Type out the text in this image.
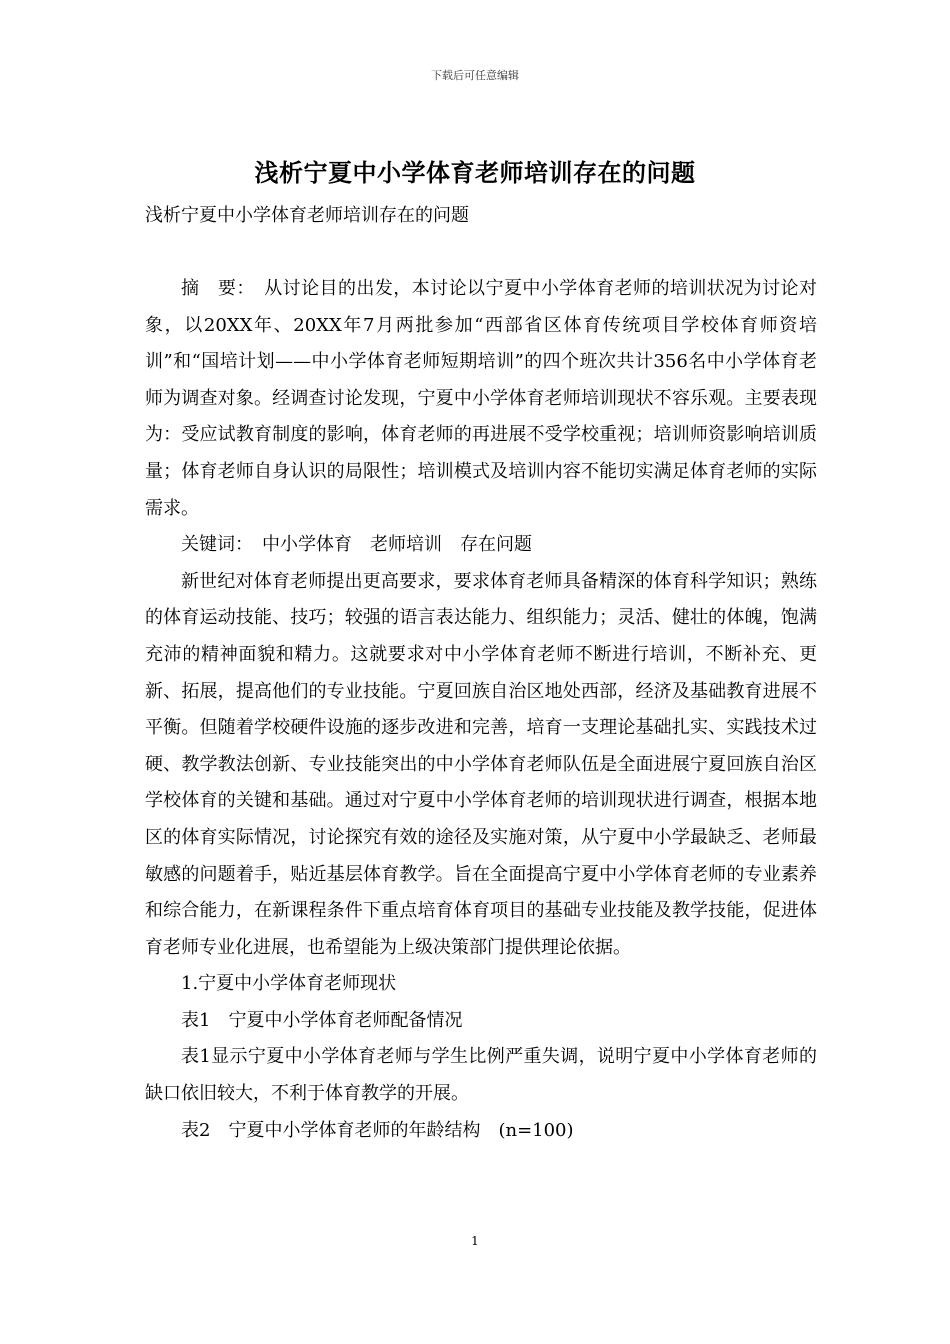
下载后可任意编辑
浅析宁夏中小学体育老师培训存在的问题
浅析宁夏中小学体育老师培训存在的问题

摘　要：　从讨论目的出发，本讨论以宁夏中小学体育老师的培训状况为讨论对象，以20XX年、20XX年7月两批参加“西部省区体育传统项目学校体育师资培训”和“国培计划——中小学体育老师短期培训”的四个班次共计356名中小学体育老师为调查对象。经调查讨论发现，宁夏中小学体育老师培训现状不容乐观。主要表现为：受应试教育制度的影响，体育老师的再进展不受学校重视；培训师资影响培训质量；体育老师自身认识的局限性；培训模式及培训内容不能切实满足体育老师的实际需求。

关键词：　中小学体育　老师培训　存在问题

新世纪对体育老师提出更高要求，要求体育老师具备精深的体育科学知识；熟练的体育运动技能、技巧；较强的语言表达能力、组织能力；灵活、健壮的体魄，饱满充沛的精神面貌和精力。这就要求对中小学体育老师不断进行培训，不断补充、更新、拓展，提高他们的专业技能。宁夏回族自治区地处西部，经济及基础教育进展不平衡。但随着学校硬件设施的逐步改进和完善，培育一支理论基础扎实、实践技术过硬、教学教法创新、专业技能突出的中小学体育老师队伍是全面进展宁夏回族自治区学校体育的关键和基础。通过对宁夏中小学体育老师的培训现状进行调查，根据本地区的体育实际情况，讨论探究有效的途径及实施对策，从宁夏中小学最缺乏、老师最敏感的问题着手，贴近基层体育教学。旨在全面提高宁夏中小学体育老师的专业素养和综合能力，在新课程条件下重点培育体育项目的基础专业技能及教学技能，促进体育老师专业化进展，也希望能为上级决策部门提供理论依据。

1.宁夏中小学体育老师现状

表1　宁夏中小学体育老师配备情况

表1显示宁夏中小学体育老师与学生比例严重失调，说明宁夏中小学体育老师的缺口依旧较大，不利于体育教学的开展。

表2　宁夏中小学体育老师的年龄结构　(n=100)

1
